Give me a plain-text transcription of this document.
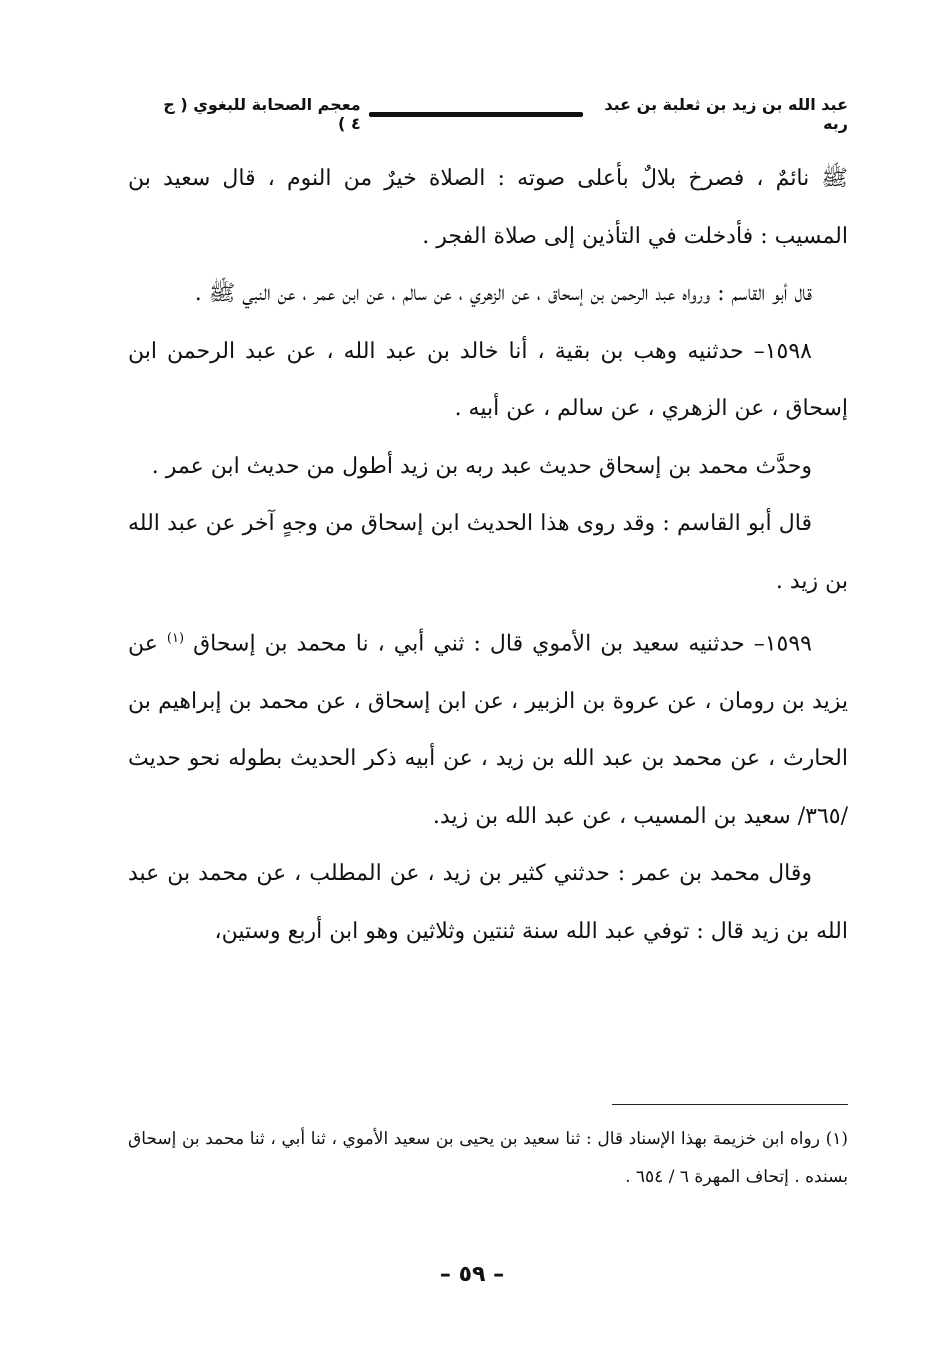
عبد الله بن زيد بن ثعلبة بن عبد ربه
معجم الصحابة للبغوي ( ج ٤ )

ﷺ نائمٌ ، فصرخ بلالٌ بأعلى صوته : الصلاة خيرٌ من النوم ، قال سعيد بن المسيب : فأدخلت في التأذين إلى صلاة الفجر .

قال أبو القاسم : ورواه عبد الرحمن بن إسحاق ، عن الزهري ، عن سالم ، عن ابن عمر ، عن النبي ﷺ .

١٥٩٨– حدثنيه وهب بن بقية ، أنا خالد بن عبد الله ، عن عبد الرحمن ابن إسحاق ، عن الزهري ، عن سالم ، عن أبيه .

وحدَّث محمد بن إسحاق حديث عبد ربه بن زيد أطول من حديث ابن عمر .

قال أبو القاسم : وقد روى هذا الحديث ابن إسحاق من وجهٍ آخر عن عبد الله بن زيد .

١٥٩٩– حدثنيه سعيد بن الأموي قال : ثني أبي ، نا محمد بن إسحاق $^{(١)}$ عن يزيد بن رومان ، عن عروة بن الزبير ، عن ابن إسحاق ، عن محمد بن إبراهيم بن الحارث ، عن محمد بن عبد الله بن زيد ، عن أبيه ذكر الحديث بطوله نحو حديث /٣٦٥/ سعيد بن المسيب ، عن عبد الله بن زيد.

وقال محمد بن عمر : حدثني كثير بن زيد ، عن المطلب ، عن محمد بن عبد الله بن زيد قال : توفي عبد الله سنة ثنتين وثلاثين وهو ابن أربع وستين،

(١) رواه ابن خزيمة بهذا الإسناد قال : ثنا سعيد بن يحيى بن سعيد الأموي ، ثنا أبي ، ثنا محمد بن إسحاق بسنده . إتحاف المهرة ٦ / ٦٥٤ .

– ٥٩ –
